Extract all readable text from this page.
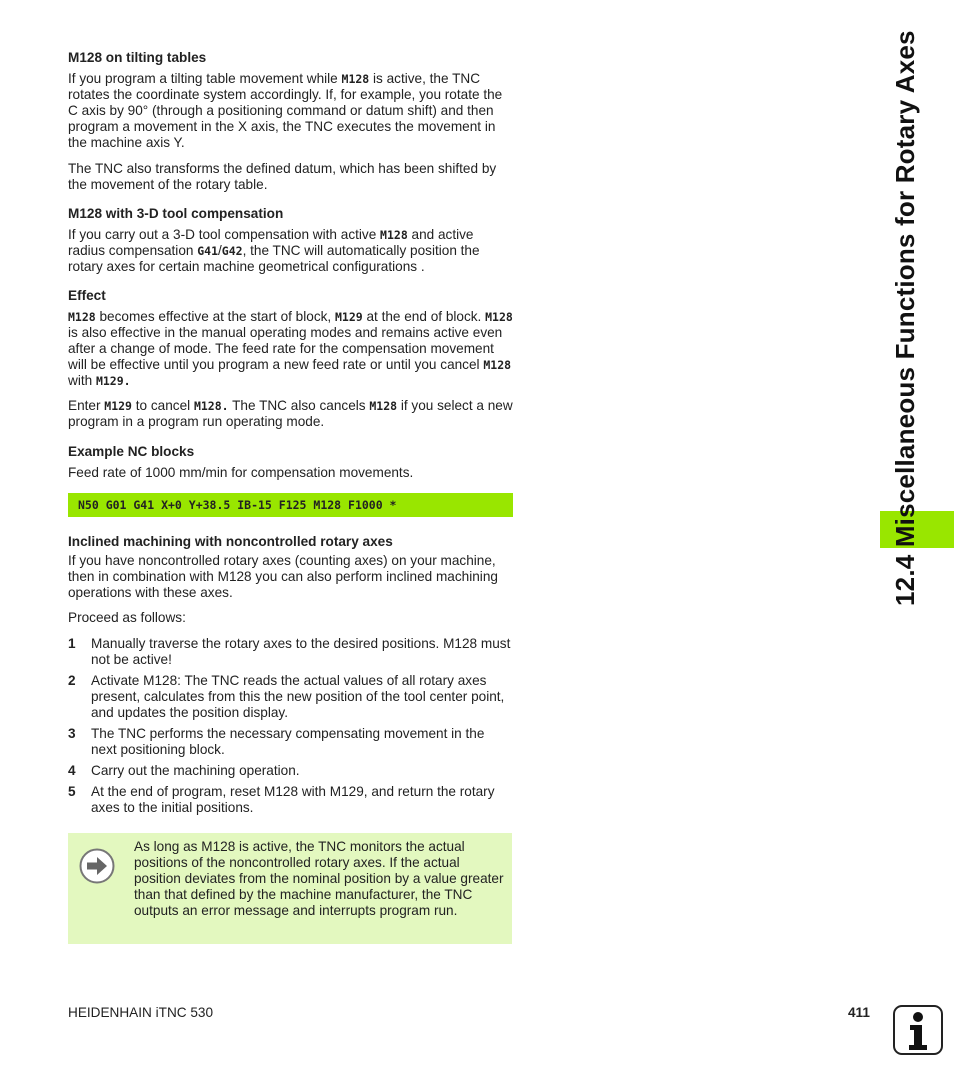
M128 on tilting tables

If you program a tilting table movement while M128 is active, the TNC rotates the coordinate system accordingly. If, for example, you rotate the C axis by 90° (through a positioning command or datum shift) and then program a movement in the X axis, the TNC executes the movement in the machine axis Y.

The TNC also transforms the defined datum, which has been shifted by the movement of the rotary table.

M128 with 3-D tool compensation

If you carry out a 3-D tool compensation with active M128 and active radius compensation G41/G42, the TNC will automatically position the rotary axes for certain machine geometrical configurations .

Effect

M128 becomes effective at the start of block, M129 at the end of block. M128 is also effective in the manual operating modes and remains active even after a change of mode. The feed rate for the compensation movement will be effective until you program a new feed rate or until you cancel M128 with M129.

Enter M129 to cancel M128. The TNC also cancels M128 if you select a new program in a program run operating mode.

Example NC blocks

Feed rate of 1000 mm/min for compensation movements.

N50 G01 G41 X+0 Y+38.5 IB-15 F125 M128 F1000 *
Inclined machining with noncontrolled rotary axes

If you have noncontrolled rotary axes (counting axes) on your machine, then in combination with M128 you can also perform inclined machining operations with these axes.

Proceed as follows:

1	Manually traverse the rotary axes to the desired positions. M128 must not be active!
2	Activate M128: The TNC reads the actual values of all rotary axes present, calculates from this the new position of the tool center point, and updates the position display.
3	The TNC performs the necessary compensating movement in the next positioning block.
4	Carry out the machining operation.
5	At the end of program, reset M128 with M129, and return the rotary axes to the initial positions.
As long as M128 is active, the TNC monitors the actual positions of the noncontrolled rotary axes. If the actual position deviates from the nominal position by a value greater than that defined by the machine manufacturer, the TNC outputs an error message and interrupts program run.
12.4 Miscellaneous Functions for Rotary Axes
HEIDENHAIN iTNC 530	411
